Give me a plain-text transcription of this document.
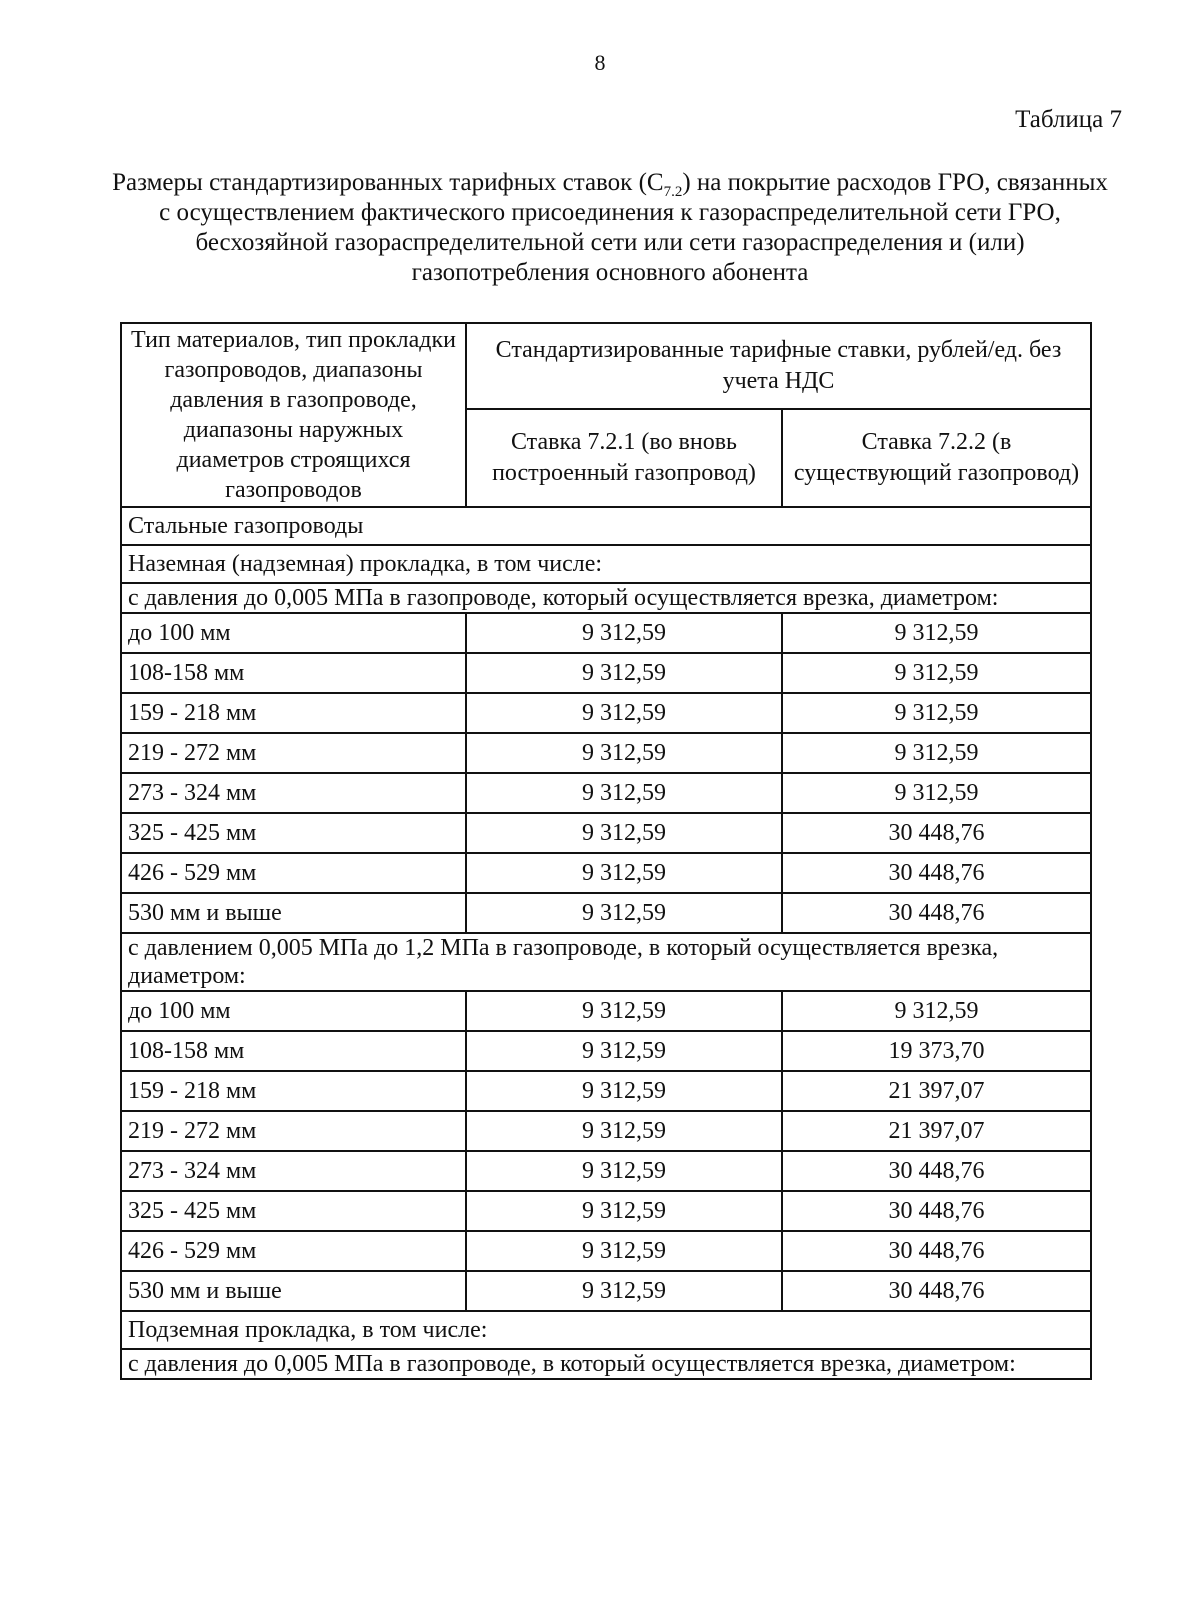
8
Таблица 7
Размеры стандартизированных тарифных ставок $(С_{7.2})$ на покрытие расходов ГРО, связанных с осуществлением фактического присоединения к газораспределительной сети ГРО, бесхозяйной газораспределительной сети или сети газораспределения и (или) газопотребления основного абонента
Тип материалов, тип прокладки газопроводов, диапазоны давления в газопроводе, диапазоны наружных диаметров строящихся газопроводов	Стандартизированные тарифные ставки, рублей/ед. без учета НДС	
	Ставка 7.2.1 (во вновь построенный газопровод)	Ставка 7.2.2 (в существующий газопровод)
Стальные газопроводы		
Наземная (надземная) прокладка, в том числе:		
с давления до 0,005 МПа в газопроводе, который осуществляется врезка, диаметром:		
до 100 мм	9 312,59	9 312,59
108-158 мм	9 312,59	9 312,59
159 - 218 мм	9 312,59	9 312,59
219 - 272 мм	9 312,59	9 312,59
273 - 324 мм	9 312,59	9 312,59
325 - 425 мм	9 312,59	30 448,76
426 - 529 мм	9 312,59	30 448,76
530 мм и выше	9 312,59	30 448,76
с давлением 0,005 МПа до 1,2 МПа в газопроводе, в который осуществляется врезка, диаметром:		
до 100 мм	9 312,59	9 312,59
108-158 мм	9 312,59	19 373,70
159 - 218 мм	9 312,59	21 397,07
219 - 272 мм	9 312,59	21 397,07
273 - 324 мм	9 312,59	30 448,76
325 - 425 мм	9 312,59	30 448,76
426 - 529 мм	9 312,59	30 448,76
530 мм и выше	9 312,59	30 448,76
Подземная прокладка, в том числе:		
с давления до 0,005 МПа в газопроводе, в который осуществляется врезка, диаметром:		
